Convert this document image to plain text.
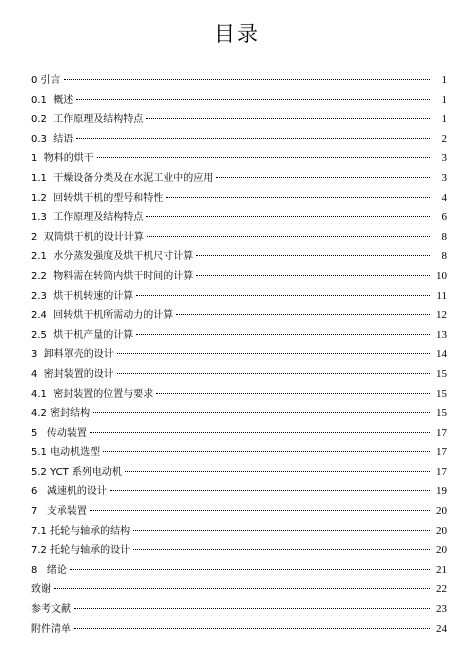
目录
0 引言	1
0.1  概述	1
0.2  工作原理及结构特点	1
0.3  结语	2
1  物料的烘干	3
1.1  干燥设备分类及在水泥工业中的应用	3
1.2  回转烘干机的型号和特性	4
1.3  工作原理及结构特点	6
2  双筒烘干机的设计计算	8
2.1  水分蒸发强度及烘干机尺寸计算	8
2.2  物料需在转筒内烘干时间的计算	10
2.3  烘干机转速的计算	11
2.4  回转烘干机所需动力的计算	12
2.5  烘干机产量的计算	13
3  卸料罩壳的设计	14
4  密封装置的设计	15
4.1  密封装置的位置与要求	15
4.2 密封结构	15
5   传动装置	17
5.1 电动机选型	17
5.2 YCT 系列电动机	17
6   减速机的设计	19
7   支承装置	20
7.1 托轮与轴承的结构	20
7.2 托轮与轴承的设计	20
8   绪论	21
致谢	22
参考文献	23
附件清单	24
